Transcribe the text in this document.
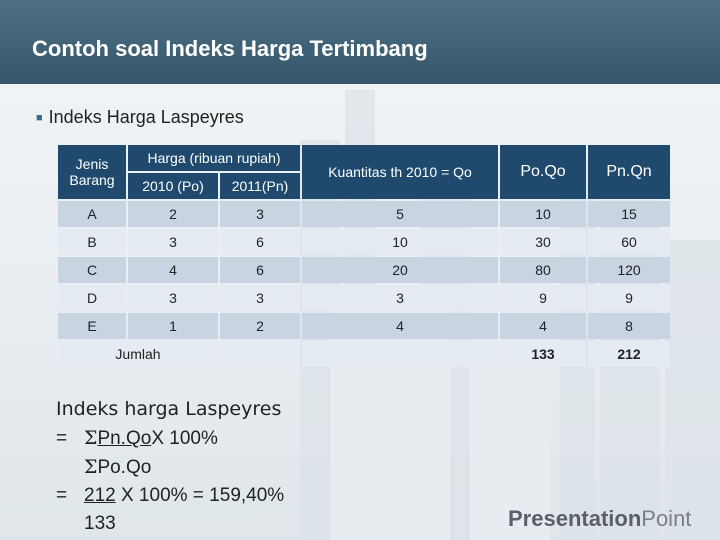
Contoh soal Indeks Harga Tertimbang
■ Indeks Harga Laspeyres
Jenis Barang	Harga (ribuan rupiah)		Kuantitas th 2010 = Qo	Po.Qo	Pn.Qn
	2010 (Po)	2011(Pn)			
A	2	3	5	10	15
B	3	6	10	30	60
C	4	6	20	80	120
D	3	3	3	9	9
E	1	2	4	4	8
Jumlah				133	212
Indeks harga Laspeyres
= ΣPn.QoX 100%
ΣPo.Qo
= 212 X 100% = 159,40%
133	PresentationPoint
